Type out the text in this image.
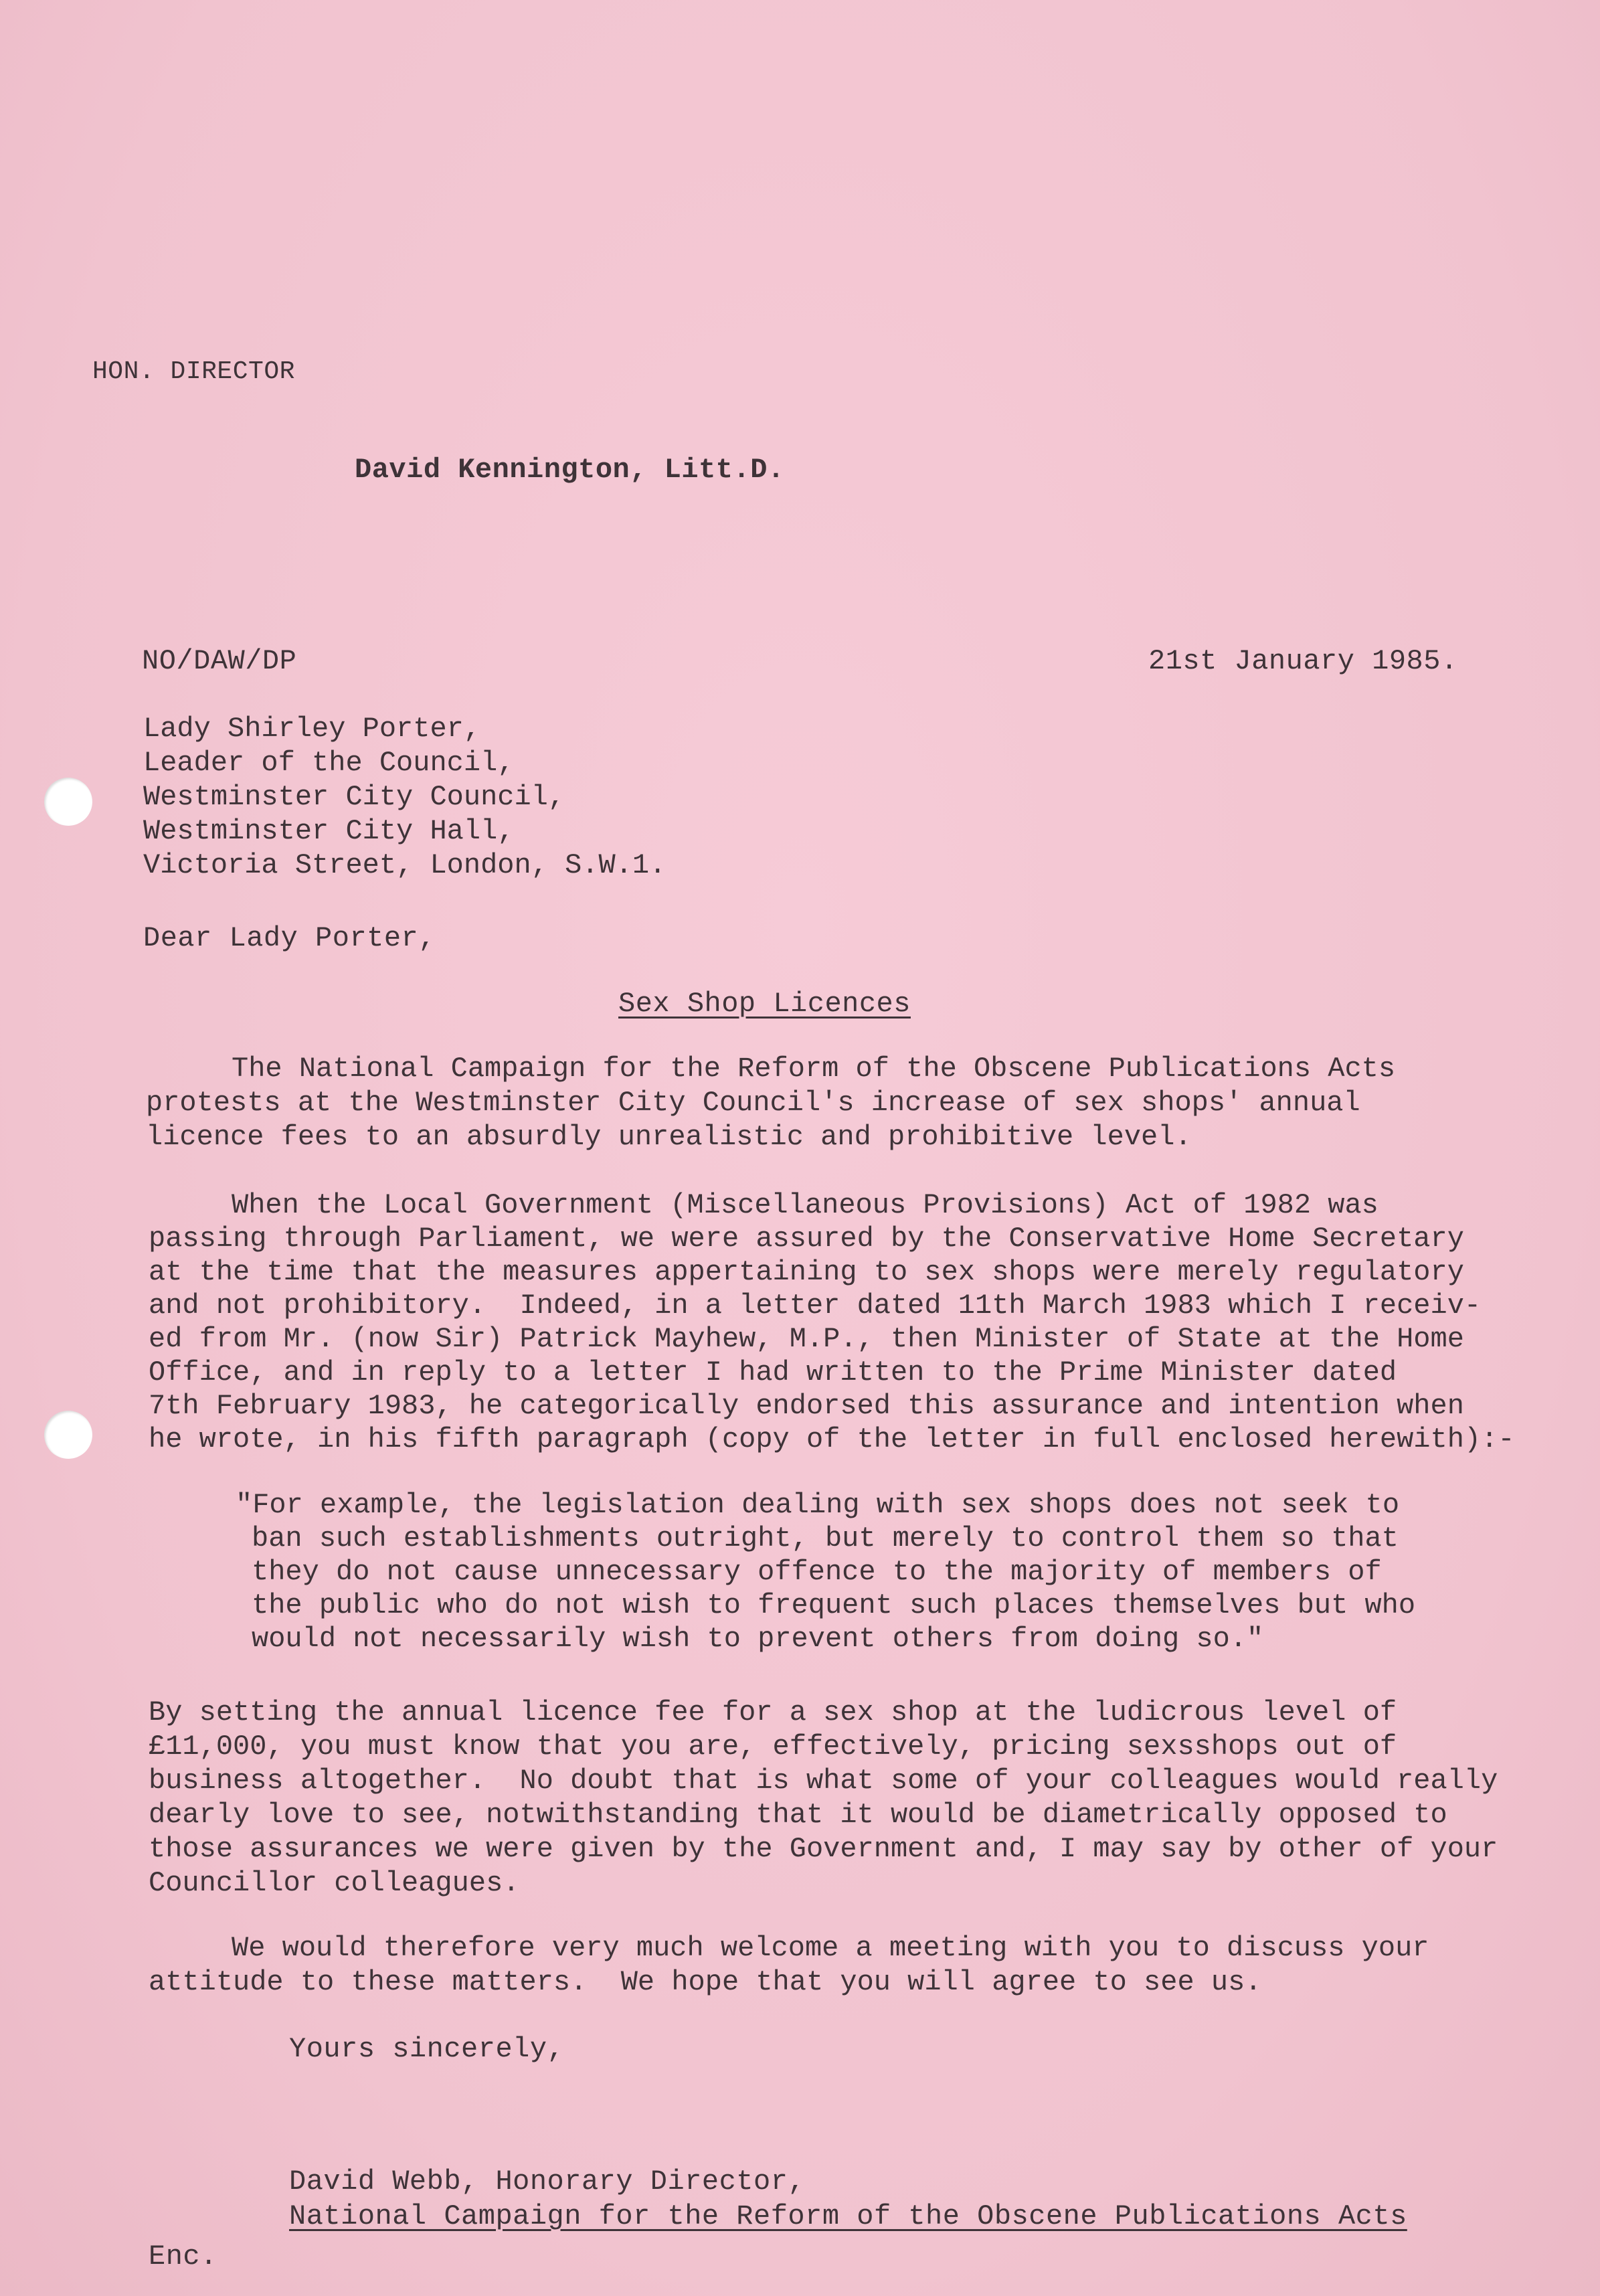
HON. DIRECTOR
David Kennington, Litt.D.
NO/DAW/DP	21st January 1985.
Lady Shirley Porter,
Leader of the Council,
Westminster City Council,
Westminster City Hall,
Victoria Street, London, S.W.1.
Dear Lady Porter,
Sex Shop Licences
The National Campaign for the Reform of the Obscene Publications Acts
protests at the Westminster City Council's increase of sex shops' annual
licence fees to an absurdly unrealistic and prohibitive level.
When the Local Government (Miscellaneous Provisions) Act of 1982 was
passing through Parliament, we were assured by the Conservative Home Secretary
at the time that the measures appertaining to sex shops were merely regulatory
and not prohibitory.  Indeed, in a letter dated 11th March 1983 which I receiv-
ed from Mr. (now Sir) Patrick Mayhew, M.P., then Minister of State at the Home
Office, and in reply to a letter I had written to the Prime Minister dated
7th February 1983, he categorically endorsed this assurance and intention when
he wrote, in his fifth paragraph (copy of the letter in full enclosed herewith):-
"For example, the legislation dealing with sex shops does not seek to
ban such establishments outright, but merely to control them so that
they do not cause unnecessary offence to the majority of members of
the public who do not wish to frequent such places themselves but who
would not necessarily wish to prevent others from doing so."
By setting the annual licence fee for a sex shop at the ludicrous level of
£11,000, you must know that you are, effectively, pricing sexsshops out of
business altogether.  No doubt that is what some of your colleagues would really
dearly love to see, notwithstanding that it would be diametrically opposed to
those assurances we were given by the Government and, I may say by other of your
Councillor colleagues.
We would therefore very much welcome a meeting with you to discuss your
attitude to these matters.  We hope that you will agree to see us.
Yours sincerely,
David Webb, Honorary Director,
National Campaign for the Reform of the Obscene Publications Acts
Enc.
